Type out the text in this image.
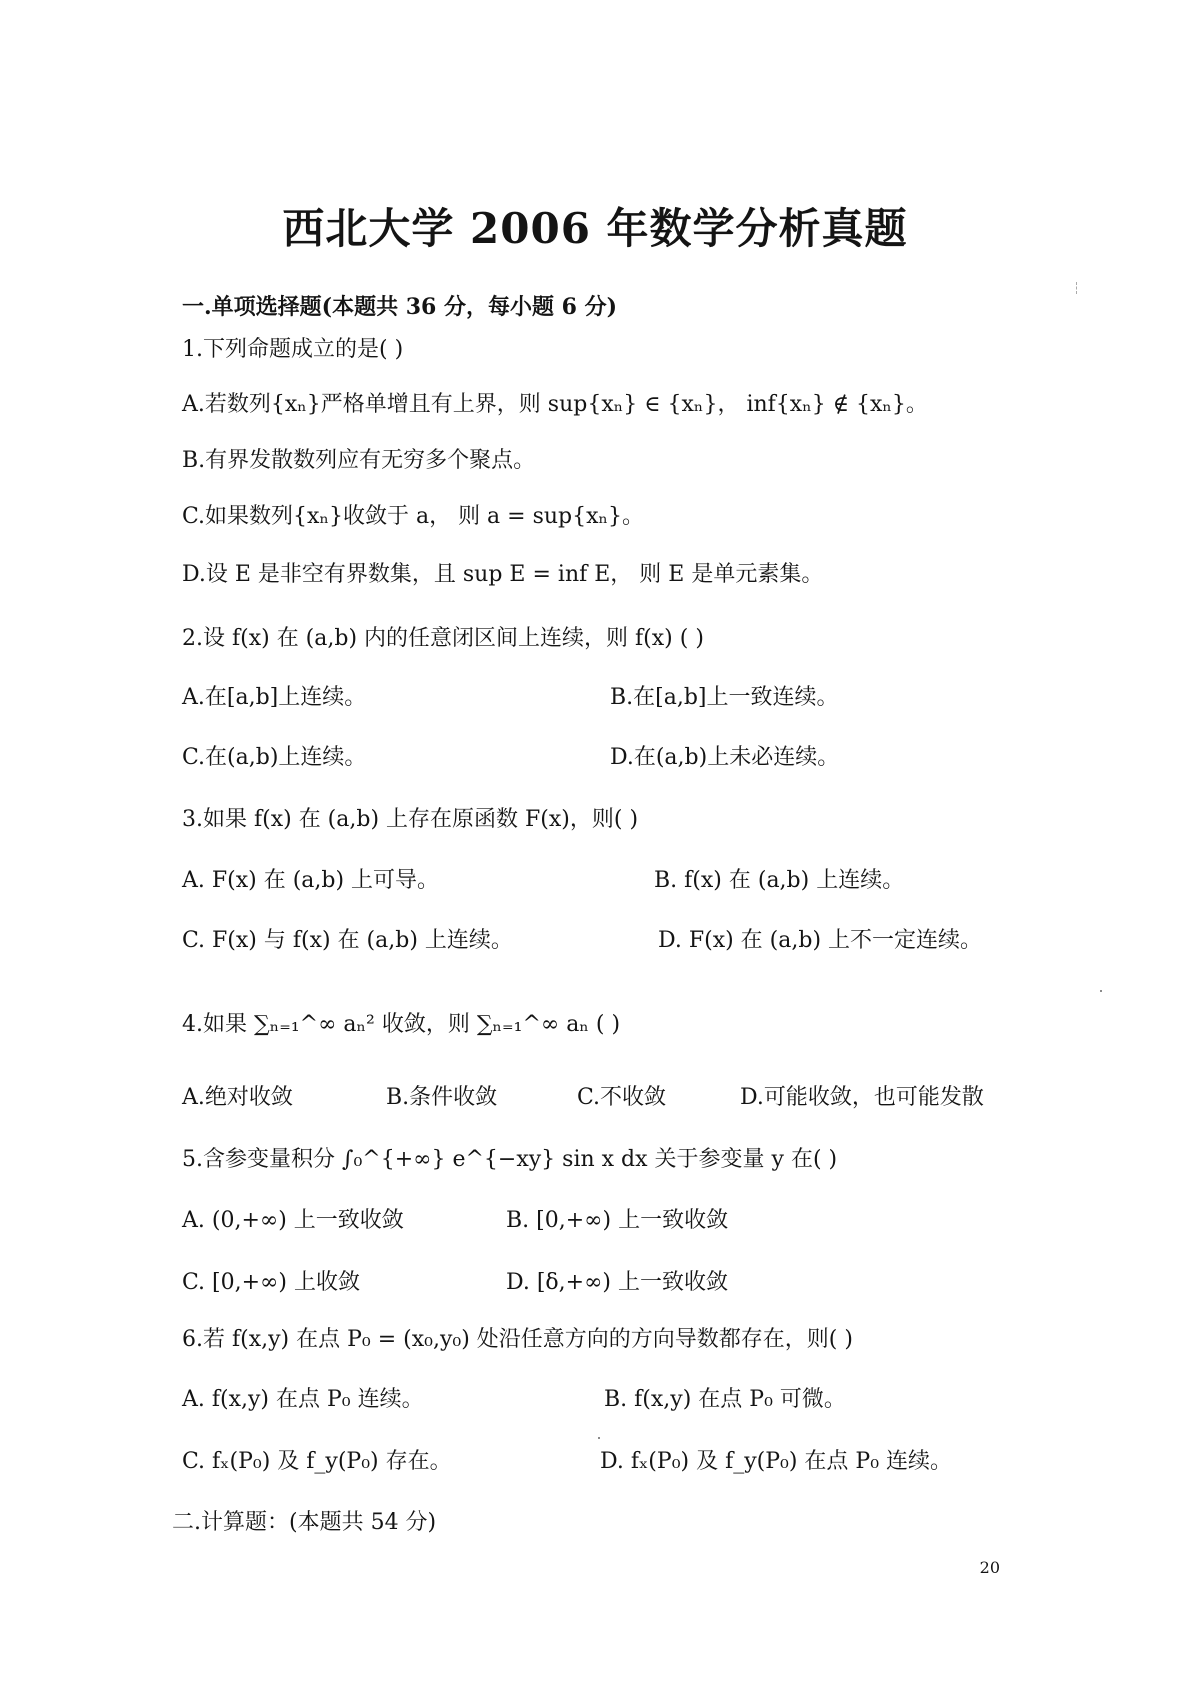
西北大学 2006 年数学分析真题
一.单项选择题(本题共 36 分，每小题 6 分)
1.下列命题成立的是( )
A.若数列{xₙ}严格单增且有上界，则 sup{xₙ} ∈ {xₙ}， inf{xₙ} ∉ {xₙ}。
B.有界发散数列应有无穷多个聚点。
C.如果数列{xₙ}收敛于 a， 则 a = sup{xₙ}。
D.设 E 是非空有界数集，且 sup E = inf E， 则 E 是单元素集。
2.设 f(x) 在 (a,b) 内的任意闭区间上连续，则 f(x) ( )
A.在[a,b]上连续。	B.在[a,b]上一致连续。
C.在(a,b)上连续。	D.在(a,b)上未必连续。
3.如果 f(x) 在 (a,b) 上存在原函数 F(x)，则( )
A. F(x) 在 (a,b) 上可导。	B. f(x) 在 (a,b) 上连续。
C. F(x) 与 f(x) 在 (a,b) 上连续。	D. F(x) 在 (a,b) 上不一定连续。
4.如果 ∑ₙ₌₁^∞ aₙ² 收敛，则 ∑ₙ₌₁^∞ aₙ ( )
A.绝对收敛	B.条件收敛	C.不收敛	D.可能收敛，也可能发散
5.含参变量积分 ∫₀^{+∞} e^{−xy} sin x dx 关于参变量 y 在( )
A. (0,+∞) 上一致收敛	B. [0,+∞) 上一致收敛
C. [0,+∞) 上收敛	D. [δ,+∞) 上一致收敛
6.若 f(x,y) 在点 P₀ = (x₀,y₀) 处沿任意方向的方向导数都存在，则( )
A. f(x,y) 在点 P₀ 连续。	B. f(x,y) 在点 P₀ 可微。
C. fₓ(P₀) 及 f_y(P₀) 存在。	D. fₓ(P₀) 及 f_y(P₀) 在点 P₀ 连续。
二.计算题：(本题共 54 分)
20
